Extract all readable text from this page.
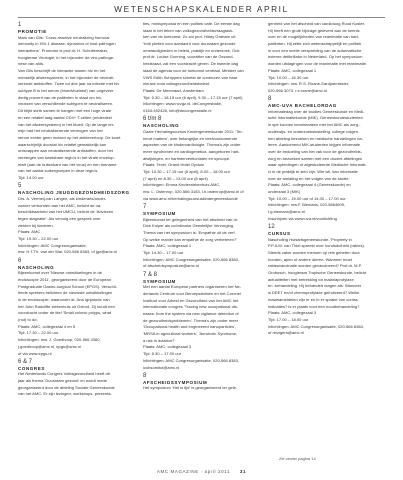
WETENSCHAPSKALENDER APRIL
1
PROMOTIE

Mark van Gils: 'Cross-reactive neutralizing humoral

immunity in HIV-1 disease; dynamics of host-pathogen

interactions'. Promotor is prof.dr. H. Schuitemaker,

hoogleraar Virologie, in het bijzonder de viro-pathoge-

nese van aids.

Van Gils beschrijft de interactie tussen hiv en het

menselijk afweersysteem, in het bijzonder de neutrali-

serende antistoffen. Twee tot drie jaar na infectie met hiv

subtype B is het serum (bloedvloeistof) van ongeveer

dertig procent van de patiënten in staat om hiv-

virussen van verschillende subtypen te neutraliseren.

Dit blijkt sterk samen te hangen met een hoge virale

en een relatief laag aantal CD4+ T-cellen (onderdeel

van het afweersysteem) in het bloed. Op de lange ter-

mijn had het neutraliserende vermogen van het

serum echter geen invloed op het ziekteverloop. De komt

waarschijnlijk doordat hiv relatief gemakkelijk kan

ontsnappen aan neutraliserende antistoffen, door het

verbergen van kwetsbare regio's in het virale envelop-

eiwit (aan de buitenkant van het virus) en een toename

van het aantal suikergroepen in deze regio's.

Tijd: 14.00 uur

5
NASCHOLING JEUGDGEZONDHEIDSZORG

Drs. A. Vermeij-van Langen, als kinderarts/onder-

zoeker verbonden aan het AMC, belicht de na-

beschikbaarheid van het UMCU, belicht de 'Adviezen

tegen stagnatie'. Als vervolg een gesprek over

ziekten bij kinderen.

Plaats: AMC

Tijd: 19.30 – 22.00 uur

Inlichtingen: AMC Congresorganisatie,

mw. H.T.Th. van der Wal, 020-566 8383, of jgz@amc.nl

6
NASCHOLING

Bijeenkomst over 'Nieuwe ontwikkelingen in de

endoscopie 2011', georganiseerd door de European

Postgraduate Gastro-surgical School (EPGS). Verschil-

lende sprekers belichten de nieuwste ontwikkelingen

in de endoscopie, waaronder dr. Ana Ignjatovic van

het John Radcliffe ziekenhuis uit Oxford. Zij houdt een

voordracht onder de titel 'Small colonic polyps, what

(not) to do'.

Plaats: AMC, collegezaal 4 en 5

Tijd: 17.30 – 22.00 uur

Inlichtingen: mw. J. Goedhoop, 020-566 3360,

j.goedhoop@amc.nl, epgs@amc.nl

of via www.epgs.nl

6 & 7
CONGRES

Het Nederlands Congres Volksgezondheid heeft dit

jaar als thema 'Duurzaam gezond' en wordt mede

georganiseerd door de afdeling Sociale Geneeskunde

van het AMC. Er zijn lezingen, workshops, presenta-

ties, minisymposia en een politiek café. De eerste dag

staat in het teken van volksgezondheidsvraagstuk-

ken van de toekomst. Zo zal prof. Hilary Graham uit

York pleiten voor aandacht voor duurzaam gezonde

omstandigheden in beleid, praktijk en onderzoek. Ook

prof.dr. Louise Gunning, voorzitter van de Gezond-

heidsraad, zal een voordracht geven. De tweede dag

staat de agenda voor de toekomst centraal. Minister van

VWS Edith Schippers schetst de contouren van haar

nieuwe nota volksgezondheidsbeleid.

Plaats: De Meervaart, Amsterdam

Tijd: 9.30 – 18.15 uur (6 april), 9.30 – 17.15 uur (7 april)

Inlichtingen: www.ncvgz.nl, deCongresbalie,

0164-492426, info@decongresbalie.nl

6 t/m 8
NASCHOLING

Gazte Herhalingscursus Kindergeneeskunde 2011: 'Ter-

heurt matters', over belangrijke en veelvoorkomende

aspecten van de kindercardiologie. Thema's zijn onder

meer syndromen en cardiogenetica, aangeboren hart-

afwijkingen, en hartinterventionisten en syncope.

Plaats: Texel, Grand Hotel Opduin

Tijd: 10.30 – 17.15 uur (6 april), 8.00 – 18.00 uur

(7 april) en 8.30 – 13.00 uur (8 april)

Inlichtingen: Emma Kinderziekenhuis AMC,

mw. L. Ostenrop, 020-566 3183, l.h.ostenrop@amc.nl of

via www.amc.nl/herhalingscursuskindergeneeskunde

7
SYMPOSIUM

Bijeenkomst ter gelegenheid van het afscheid van dr.

Dick Kuiper als coördinator Geestelijke Verzorging.

Thema van het symposium is: 'Empathie uit de verf.

Op welke manier kan empathie de zorg verbeteren?'

Plaats: AMC, collegezaal 1

Tijd: 14.30 – 17.00 uur

Inlichtingen: AMC Congresorganisatie, 020-566 8383,

of afscheidsymposium@amc.nl

7 & 8
SYMPOSIUM

Met een aantal Europese partners organiseren het Ne-

derlands Centrum voor Beroepsziekten en het Coronel

Instituut voor Arbeid en Gezondheid van het AMC het

internationale congres 'Tracing new occupational dis-

eases: from the system via new vigilance detection of

de gezondheidsproblemen'. Thema's zijn onder meer

'Occupational health and engineered nanoparticles',

'MRSA in agricultural workers', 'Aerotoxic Syndrome,

a risk in aviation?'

Plaats: AMC, collegezaal 3

Tijd: 8.30 – 17.00 uur

Inlichtingen: AMC Congresorganisatie, 020-566 8383,

icohsomitoi@amc.nl

8
AFSCHEIDSSYMPOSIUM

Het symposium 'Het is tijd' is georganiseerd ter gele-

genheid van het afscheid van cardioloog Ruud Koster.

Hij heeft een grote bijdrage geleverd aan de kennis

over en de mogelijkheden van reanimatie van hart-

patiënten. Hij zette zich wetenschappelijk en politiek

in voor een snelle verspreiding van de automatische

externe defibrillator in Nederland. Op het symposium

worden uitdagingen voor de reanimatie met reanimatie.

Plaats: AMC, collegezaal 1

Tijd: 10.00 – 16.30 uur

Inlichtingen: mw. R.S. Ruane-Sardjoemissier,

020-566 3073, r.s.ruane@amc.nl

8
AMC-UVA BACHELORDAG

Informatiedag over de studies Geneeskunde en Medi-

sche Informatiekunde (MIK). Geneeskundestudenten

in spe kunnen kennismaken met het AMC als zorg-,

onderwijs- en onderzoeksinstelling, college volgen,

een afdeling bezoeken en medische handelingen na-

leren. Aankomend MIK-studenten krijgen informatie

over de bedoeling van het vak voor de gezondheids-

zorg en bezoeken samen met een docent afdelingen

waar opleidingen of afgestudeerde Medische Informati-

ci in de praktijk te zien zijn. Wie wil, kan informatie

over de toelating en het volgen van de studie.

Plaats: AMC, collegezaal 4 (Geneeskunde) en

onderzaal 3 (MIK)

Tijd: 10.00 – 15.00 uur of 14.00 – 17.00 uur

Inlichtingen: mw.F. Biemans, 020-5664609,

f.g.biemans@amc.nl.

Inschrijven via www.uva.nl/voorlichting

12
CURSUS

Nascholing Huisartsgeneeskunde. 'Propriety in

P.P.A.M. van Thiel spreekt over hondsdolheid (rabies).

Steeds vaker worden mensen op reis gebeten door

honden, apen of andere dieren. Wanneer moet

rabiesvaccinatie worden gevaccineerd? Prof.dr. M.P.

Grobusch, hoogleraar Tropische Geneeskunde, belicht

actualiteiten met betrekking tot malariaprofylaxe

en -behandeling. Hij behandelt vragen als: Wanneer

is DEET en/of chemoprofylaxe geïndiceerd? Welke

malariamiddelen zijn er en in er sprake van contra-

indicaties? Is er plaats voor een noodbehandeling?

Plaats: AMC, collegezaal 3

Tijd: 17.00 – 18.00 uur

Inlichtingen: AMC Congresorganisatie, 020-566 8383,

of reizigers@amc.nl

Zie verder pagina 14
AMC MAGAZINE · april 2011 31
